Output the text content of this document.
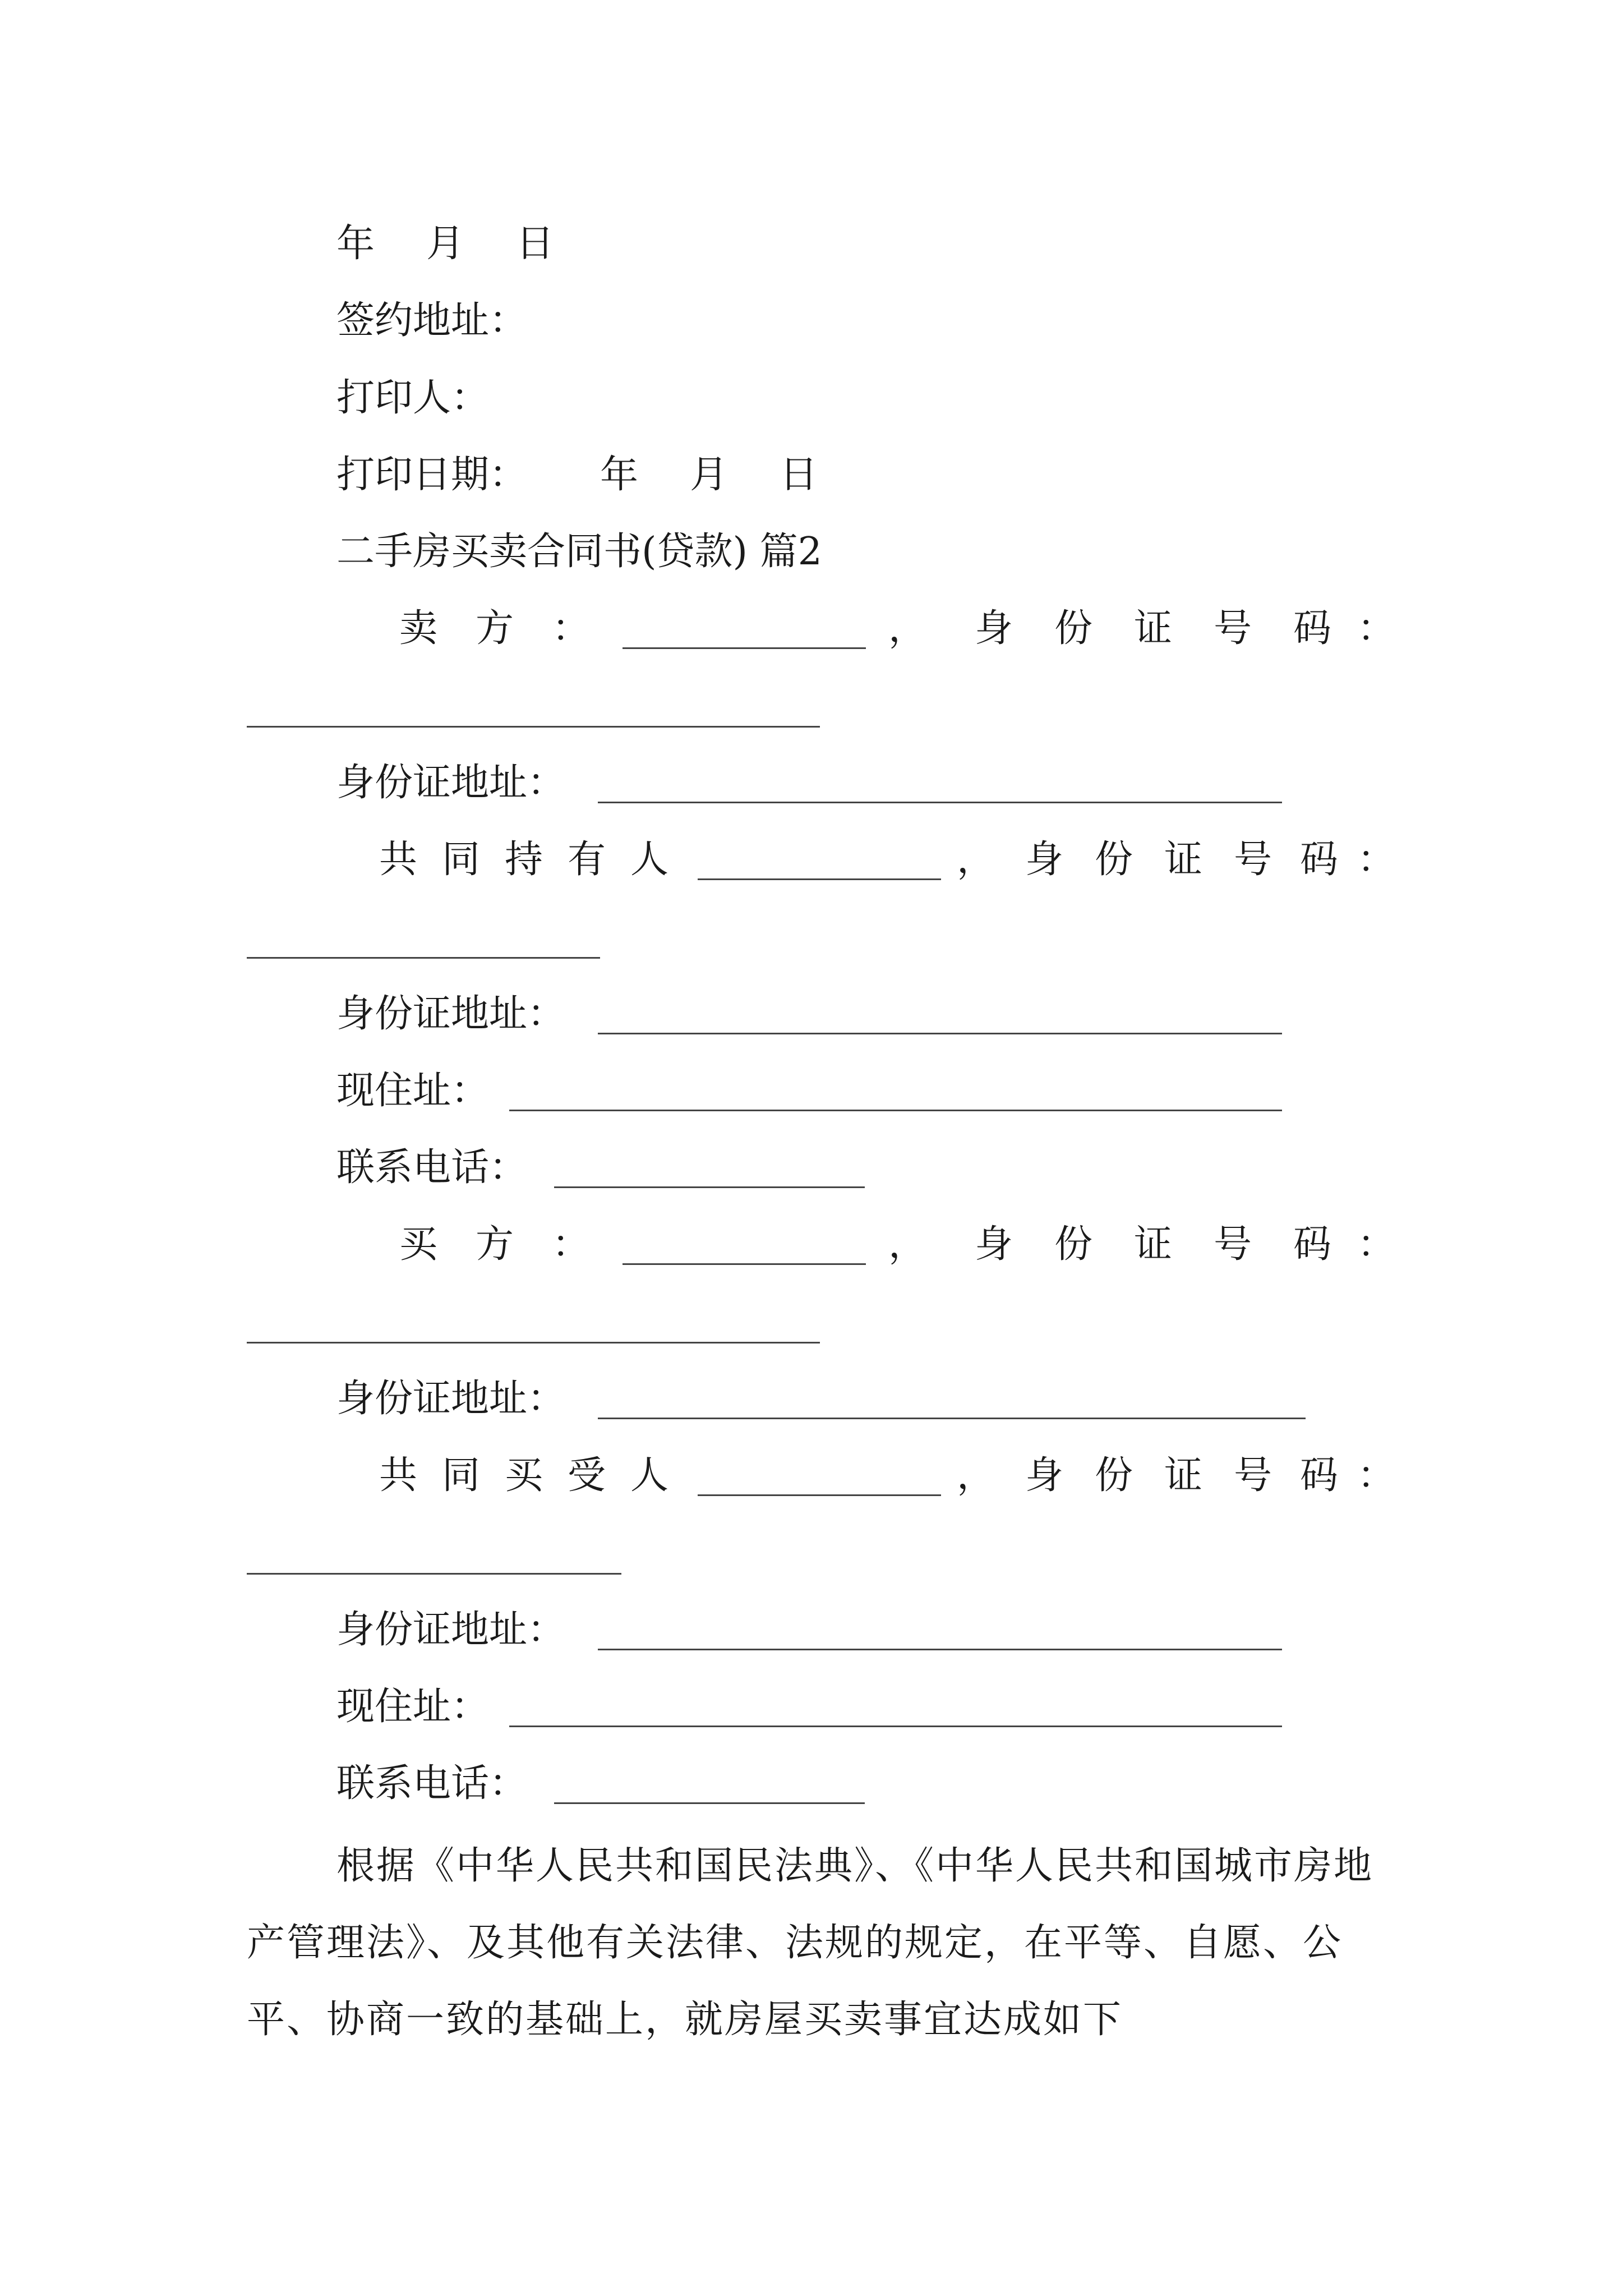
年 月 日
签约地址：
打印人：
打印日期： 年 月 日
二手房买卖合同书(贷款) 篇2
卖 方 ：	， 身 份 证 号 码 ：
身份证地址：
共 同 持 有 人	， 身 份 证 号 码 ：
身份证地址：
现住址：
联系电话：
买 方 ：	， 身 份 证 号 码 ：
身份证地址：
共 同 买 受 人	， 身 份 证 号 码 ：
身份证地址：
现住址：
联系电话：
根据《中华人民共和国民法典》、《中华人民共和国城市房地产管理法》、及其他有关法律、法规的规定，在平等、自愿、公平、协商一致的基础上，就房屋买卖事宜达成如下
